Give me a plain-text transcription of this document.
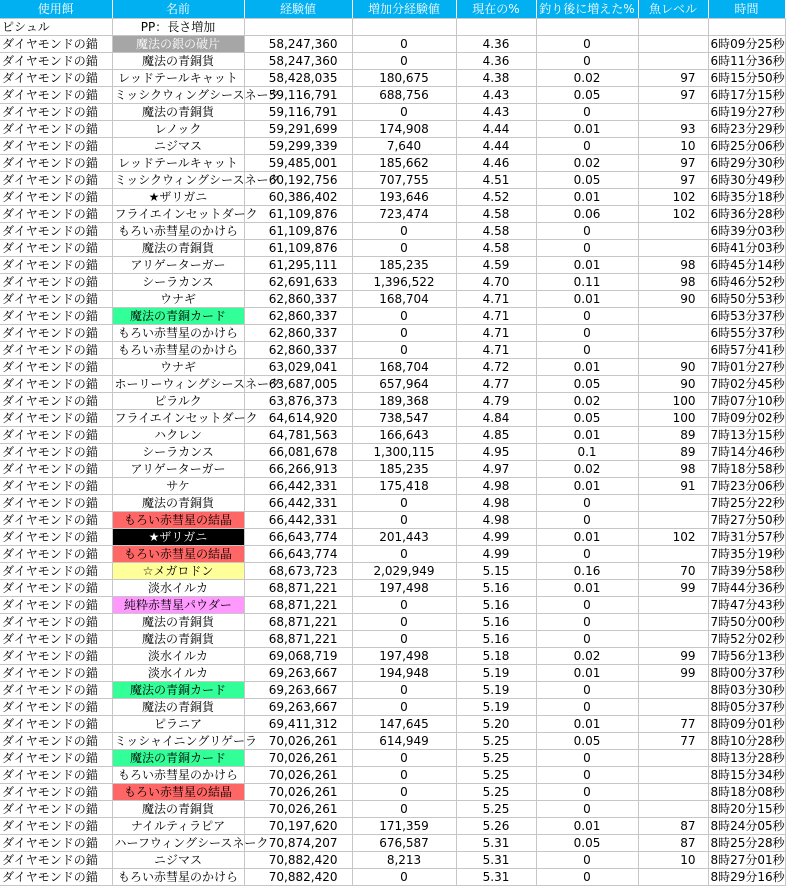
使用餌	名前	経験値	増加分経験値	現在の%	釣り後に増えた%	魚レベル	時間
ピシュル	PP：長さ増加						
ダイヤモンドの錨	魔法の銀の破片	58,247,360	0	4.36	0		6時09分25秒
ダイヤモンドの錨	魔法の青銅貨	58,247,360	0	4.36	0		6時11分36秒
ダイヤモンドの錨	レッドテールキャット	58,428,035	180,675	4.38	0.02	97	6時15分50秒
ダイヤモンドの錨	ミッシクウィングシースネーク	59,116,791	688,756	4.43	0.05	97	6時17分15秒
ダイヤモンドの錨	魔法の青銅貨	59,116,791	0	4.43	0		6時19分27秒
ダイヤモンドの錨	レノック	59,291,699	174,908	4.44	0.01	93	6時23分29秒
ダイヤモンドの錨	ニジマス	59,299,339	7,640	4.44	0	10	6時25分06秒
ダイヤモンドの錨	レッドテールキャット	59,485,001	185,662	4.46	0.02	97	6時29分30秒
ダイヤモンドの錨	ミッシクウィングシースネーク	60,192,756	707,755	4.51	0.05	97	6時30分49秒
ダイヤモンドの錨	★ザリガニ	60,386,402	193,646	4.52	0.01	102	6時35分18秒
ダイヤモンドの錨	フライエインセットダーク	61,109,876	723,474	4.58	0.06	102	6時36分28秒
ダイヤモンドの錨	もろい赤彗星のかけら	61,109,876	0	4.58	0		6時39分03秒
ダイヤモンドの錨	魔法の青銅貨	61,109,876	0	4.58	0		6時41分03秒
ダイヤモンドの錨	アリゲーターガー	61,295,111	185,235	4.59	0.01	98	6時45分14秒
ダイヤモンドの錨	シーラカンス	62,691,633	1,396,522	4.70	0.11	98	6時46分52秒
ダイヤモンドの錨	ウナギ	62,860,337	168,704	4.71	0.01	90	6時50分53秒
ダイヤモンドの錨	魔法の青銅カード	62,860,337	0	4.71	0		6時53分37秒
ダイヤモンドの錨	もろい赤彗星のかけら	62,860,337	0	4.71	0		6時55分37秒
ダイヤモンドの錨	もろい赤彗星のかけら	62,860,337	0	4.71	0		6時57分41秒
ダイヤモンドの錨	ウナギ	63,029,041	168,704	4.72	0.01	90	7時01分27秒
ダイヤモンドの錨	ホーリーウィングシースネーク	63,687,005	657,964	4.77	0.05	90	7時02分45秒
ダイヤモンドの錨	ピラルク	63,876,373	189,368	4.79	0.02	100	7時07分10秒
ダイヤモンドの錨	フライエインセットダーク	64,614,920	738,547	4.84	0.05	100	7時09分02秒
ダイヤモンドの錨	ハクレン	64,781,563	166,643	4.85	0.01	89	7時13分15秒
ダイヤモンドの錨	シーラカンス	66,081,678	1,300,115	4.95	0.1	89	7時14分46秒
ダイヤモンドの錨	アリゲーターガー	66,266,913	185,235	4.97	0.02	98	7時18分58秒
ダイヤモンドの錨	サケ	66,442,331	175,418	4.98	0.01	91	7時23分06秒
ダイヤモンドの錨	魔法の青銅貨	66,442,331	0	4.98	0		7時25分22秒
ダイヤモンドの錨	もろい赤彗星の結晶	66,442,331	0	4.98	0		7時27分50秒
ダイヤモンドの錨	★ザリガニ	66,643,774	201,443	4.99	0.01	102	7時31分57秒
ダイヤモンドの錨	もろい赤彗星の結晶	66,643,774	0	4.99	0		7時35分19秒
ダイヤモンドの錨	☆メガロドン	68,673,723	2,029,949	5.15	0.16	70	7時39分58秒
ダイヤモンドの錨	淡水イルカ	68,871,221	197,498	5.16	0.01	99	7時44分36秒
ダイヤモンドの錨	純粋赤彗星パウダー	68,871,221	0	5.16	0		7時47分43秒
ダイヤモンドの錨	魔法の青銅貨	68,871,221	0	5.16	0		7時50分00秒
ダイヤモンドの錨	魔法の青銅貨	68,871,221	0	5.16	0		7時52分02秒
ダイヤモンドの錨	淡水イルカ	69,068,719	197,498	5.18	0.02	99	7時56分13秒
ダイヤモンドの錨	淡水イルカ	69,263,667	194,948	5.19	0.01	99	8時00分37秒
ダイヤモンドの錨	魔法の青銅カード	69,263,667	0	5.19	0		8時03分30秒
ダイヤモンドの錨	魔法の青銅貨	69,263,667	0	5.19	0		8時05分37秒
ダイヤモンドの錨	ピラニア	69,411,312	147,645	5.20	0.01	77	8時09分01秒
ダイヤモンドの錨	ミッシャイニングリゲーラ	70,026,261	614,949	5.25	0.05	77	8時10分28秒
ダイヤモンドの錨	魔法の青銅カード	70,026,261	0	5.25	0		8時13分28秒
ダイヤモンドの錨	もろい赤彗星のかけら	70,026,261	0	5.25	0		8時15分34秒
ダイヤモンドの錨	もろい赤彗星の結晶	70,026,261	0	5.25	0		8時18分08秒
ダイヤモンドの錨	魔法の青銅貨	70,026,261	0	5.25	0		8時20分15秒
ダイヤモンドの錨	ナイルティラピア	70,197,620	171,359	5.26	0.01	87	8時24分05秒
ダイヤモンドの錨	ハーフウィングシースネーク	70,874,207	676,587	5.31	0.05	87	8時25分28秒
ダイヤモンドの錨	ニジマス	70,882,420	8,213	5.31	0	10	8時27分01秒
ダイヤモンドの錨	もろい赤彗星のかけら	70,882,420	0	5.31	0		8時29分16秒
